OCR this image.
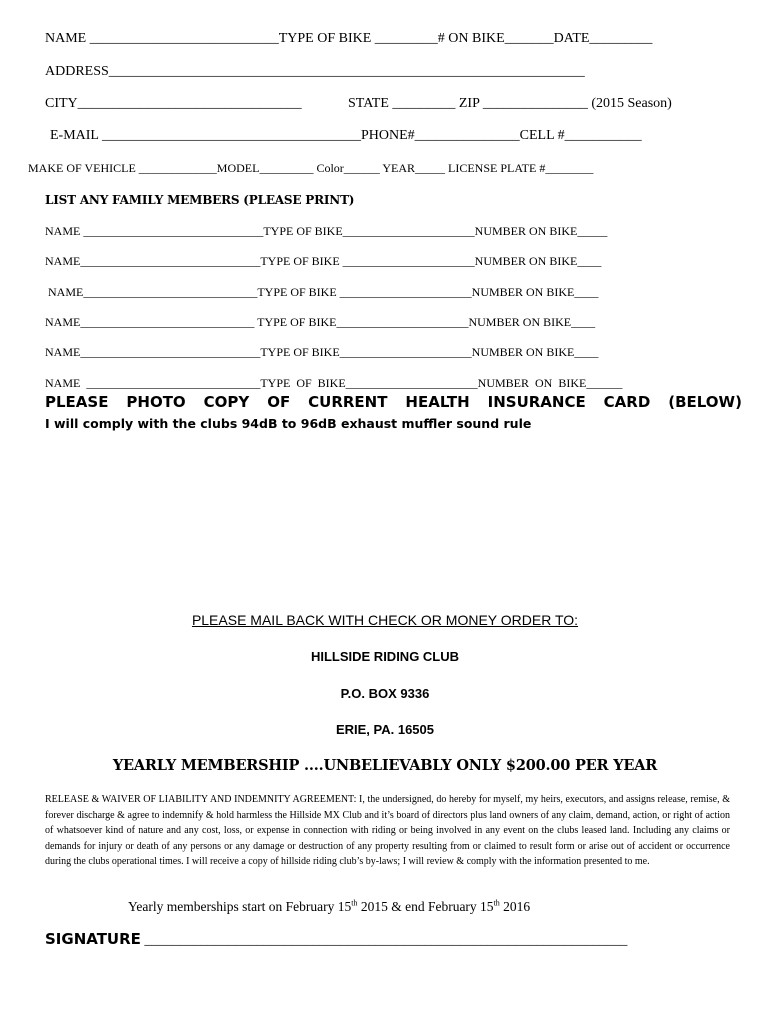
NAME ___________________________TYPE OF BIKE _________# ON BIKE_______DATE_________
ADDRESS____________________________________________________________________
CITY________________________________	STATE _________ ZIP _______________ (2015 Season)
E-MAIL _____________________________________PHONE#_______________CELL #___________
MAKE OF VEHICLE _____________MODEL_________ Color______ YEAR_____ LICENSE PLATE #________
LIST ANY FAMILY MEMBERS (PLEASE PRINT)
NAME ______________________________TYPE OF BIKE______________________NUMBER ON BIKE_____
NAME______________________________TYPE OF BIKE ______________________NUMBER ON BIKE____
NAME_____________________________TYPE OF BIKE ______________________NUMBER ON BIKE____
NAME_____________________________ TYPE OF BIKE______________________NUMBER ON BIKE____
NAME______________________________TYPE OF BIKE______________________NUMBER ON BIKE____
NAME  _____________________________TYPE  OF  BIKE______________________NUMBER  ON  BIKE______
PLEASE PHOTO COPY OF CURRENT HEALTH INSURANCE CARD (BELOW)
I will comply with the clubs 94dB to 96dB exhaust muffler sound rule
PLEASE MAIL BACK WITH CHECK OR MONEY ORDER TO:
HILLSIDE RIDING CLUB
P.O. BOX 9336
ERIE, PA. 16505
YEARLY MEMBERSHIP ....UNBELIEVABLY ONLY $200.00 PER YEAR
RELEASE & WAIVER OF LIABILITY AND INDEMNITY AGREEMENT: I, the undersigned, do hereby for myself, my heirs, executors, and assigns release, remise, & forever discharge & agree to indemnify & hold harmless the Hillside MX Club and it’s board of directors plus land owners of any claim, demand, action, or right of action of whatsoever kind of nature and any cost, loss, or expense in connection with riding or being involved in any event on the clubs leased land. Including any claims or demands for injury or death of any persons or any damage or destruction of any property resulting from or claimed to result form or arise out of accident or occurrence during the clubs operational times. I will receive a copy of hillside riding club’s by-laws; I will review & comply with the information presented to me.
Yearly memberships start on February 15th 2015 & end February 15th 2016
SIGNATURE _____________________________________________________________________
